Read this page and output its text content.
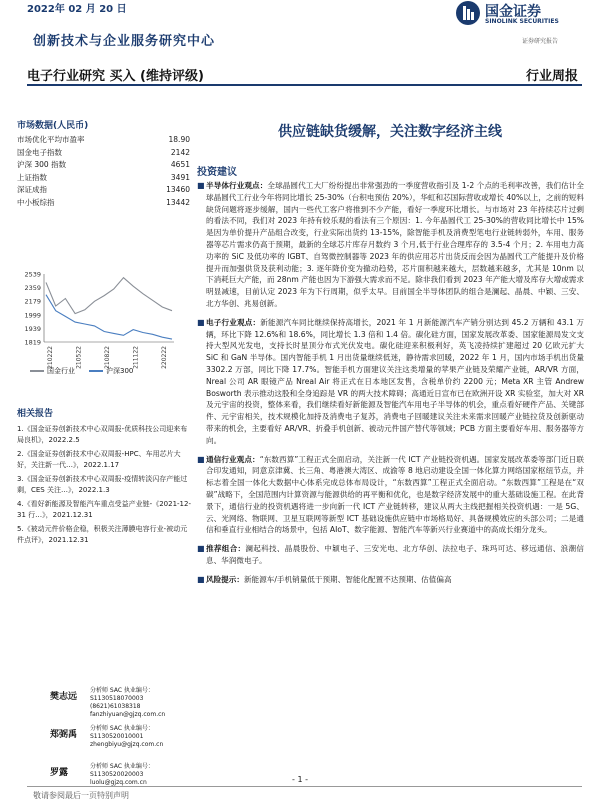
2022年 02 月 20 日
创新技术与企业服务研究中心
国金证券
SINOLINK SECURITIES
证券研究报告
电子行业研究 买入 (维持评级)	行业周报
市场数据(人民币)
市场优化平均市盈率	18.90
国金电子指数	2142
沪深 300 指数	4651
上证指数	3491
深证成指	13460
中小板综指	13442
2539
2359
2179
1999
1939
1819
210222	210522	210822	211122	220222
国金行业	沪深300
相关报告
1.《国金证券创新技术中心双周报-优质科技公司迎来布局良机》，2022.2.5
2.《国金证券创新技术中心双周报-HPC、车用芯片大好，关注新一代…》，2022.1.17
3.《国金证券创新技术中心双周报-疫情转淡闪存产能过剩，CES 关注…》，2022.1.3
4.《看好新能源及智能汽车重点受益产业链-《2021-12-31 行…》，2021.12.31
5.《被动元件价格企稳，积极关注薄膜电容行业-被动元件点评》，2021.12.31
樊志远
分析师 SAC 执业编号：S1130518070003
(8621)61038318
fanzhiyuan@gjzq.com.cn
郑弼禹
分析师 SAC 执业编号：S1130520010001
zhengbiyu@gjzq.com.cn
罗露
分析师 SAC 执业编号：S1130520020003
luolu@gjzq.com.cn
供应链缺货缓解，关注数字经济主线
投资建议
■ 半导体行业观点：全球晶圆代工大厂纷纷提出非常强劲的一季度营收指引及 1-2 个点的毛利率改善，我们估计全球晶圆代工行业今年将同比增长 25-30%（台积电预估 20%），华虹和芯国际营收或增长 40%以上，之前的短料缺货问题将逐步缓解，国内一些代工客户将推到不少产能，看好一季度环比增长。与市场对 23 年持续芯片过剩的看法不同，我们对 2023 年持有较乐观的看法有三个原因：1. 今年晶圆代工 25-30%的营收同比增长中 15%是因为单价提升产品组合改变，行业实际出货约 13-15%，除智能手机及消费型笔电行业链转弱外，车用、服务器等芯片需求仍高于预期，最新的全球芯片库存月数约 3 个月,低于行业合理库存的 3.5-4 个月；2. 车用电力高功率的 SiC 及低功率的 IGBT、自驾微控制器等 2023 年的供应用芯片出货反而会因为晶圆代工产能提升及价格提升而加强供货及获利动能；3. 逐年降价变为撤动趋势，芯片面积越来越大，层数越来越多，尤其是 10nm 以下消耗巨大产能，而 28nm 产能也因为下游强大需求而不足。除非我们看到 2023 年产能大增及库存大增或需求明显减速，目前认定 2023 年为下行周期，似乎太早。目前国全半导体团队的组合是澜起、晶晨、中颖、三安、北方华创、兆易创新。
■ 电子行业观点：新能源汽车同比继续保持高增长，2021 年 1 月新能源汽车产销分别达到 45.2 万辆和 43.1 万辆，环比下降 12.6%和 18.6%，同比增长 1.3 倍和 1.4 倍。碳化硅方面，国家发展改革委、国家能源局发文支持大型风光发电，支持长时星顶分布式光伏发电。碳化硅迎来积极利好，英飞凌持续扩建超过 20 亿欧元扩大 SiC 和 GaN 半导体。国内智能手机 1 月出货量继续低迷，静待需求回暖，2022 年 1 月，国内市场手机出货量 3302.2 万部，同比下降 17.7%。智能手机方面建议关注这类增量的苹果产业链及荣耀产业链，AR/VR 方面，Nreal 公司 AR 眼镜产品 Nreal Air 将正式在日本地区发售，含税单价约 2200 元；Meta XR 主管 Andrew Bosworth 表示推动这股和全身追踪是 VR 的两大技术障碍；高通近日宣布已在欧洲开设 XR 实验室，加大对 XR 及元宇宙的投资，整体来看，我们继续看好新能源及智能汽车用电子半导体的机会，重点看好硬件产品、关键部件、元宇宙相关，技术规模化加持及消费电子复苏，消费电子回暖建议关注未来需求回暖产业链拉货及创新驱动带来的机会，主要看好 AR/VR、折叠手机创新、被动元件国产替代等领域；PCB 方面主要看好车用、服务器等方向。
■ 通信行业观点：“东数西算”工程正式全面启动，关注新一代 ICT 产业链投资机遇。国家发展改革委等部门近日联合印发通知，同意京津冀、长三角、粤港澳大湾区、成渝等 8 地启动建设全国一体化算力网络国家枢纽节点，并标志着全国一体化大数据中心体系完成总体布局设计，“东数西算”工程正式全面启动。“东数西算”工程是在“双碳”战略下，全国范围内计算资源与能源供给的再平衡和优化，也是数字经济发展中的重大基础设施工程。在此背景下，通信行业的投资机遇将进一步向新一代 ICT 产业链转移，建议从两大主线把握相关投资机遇：一是 5G、云、光网络、物联网、卫星互联网等新型 ICT 基础设施供应链中市场格局好、具备规模效应的头部公司；二是通信和垂直行业相结合的场景中，包括 AIoT、数字能源、智能汽车等新兴行业赛道中的高成长细分龙头。
■ 推荐组合：澜起科技、晶晨股份、中颖电子、三安光电、北方华创、法拉电子、珠玛可达、移远通信、浪潮信息、华润微电子。
■ 风险提示：新能源车/手机销量低于预期、智能化配置不达预期、估值偏高
- 1 -
敬请参阅最后一页特别声明
